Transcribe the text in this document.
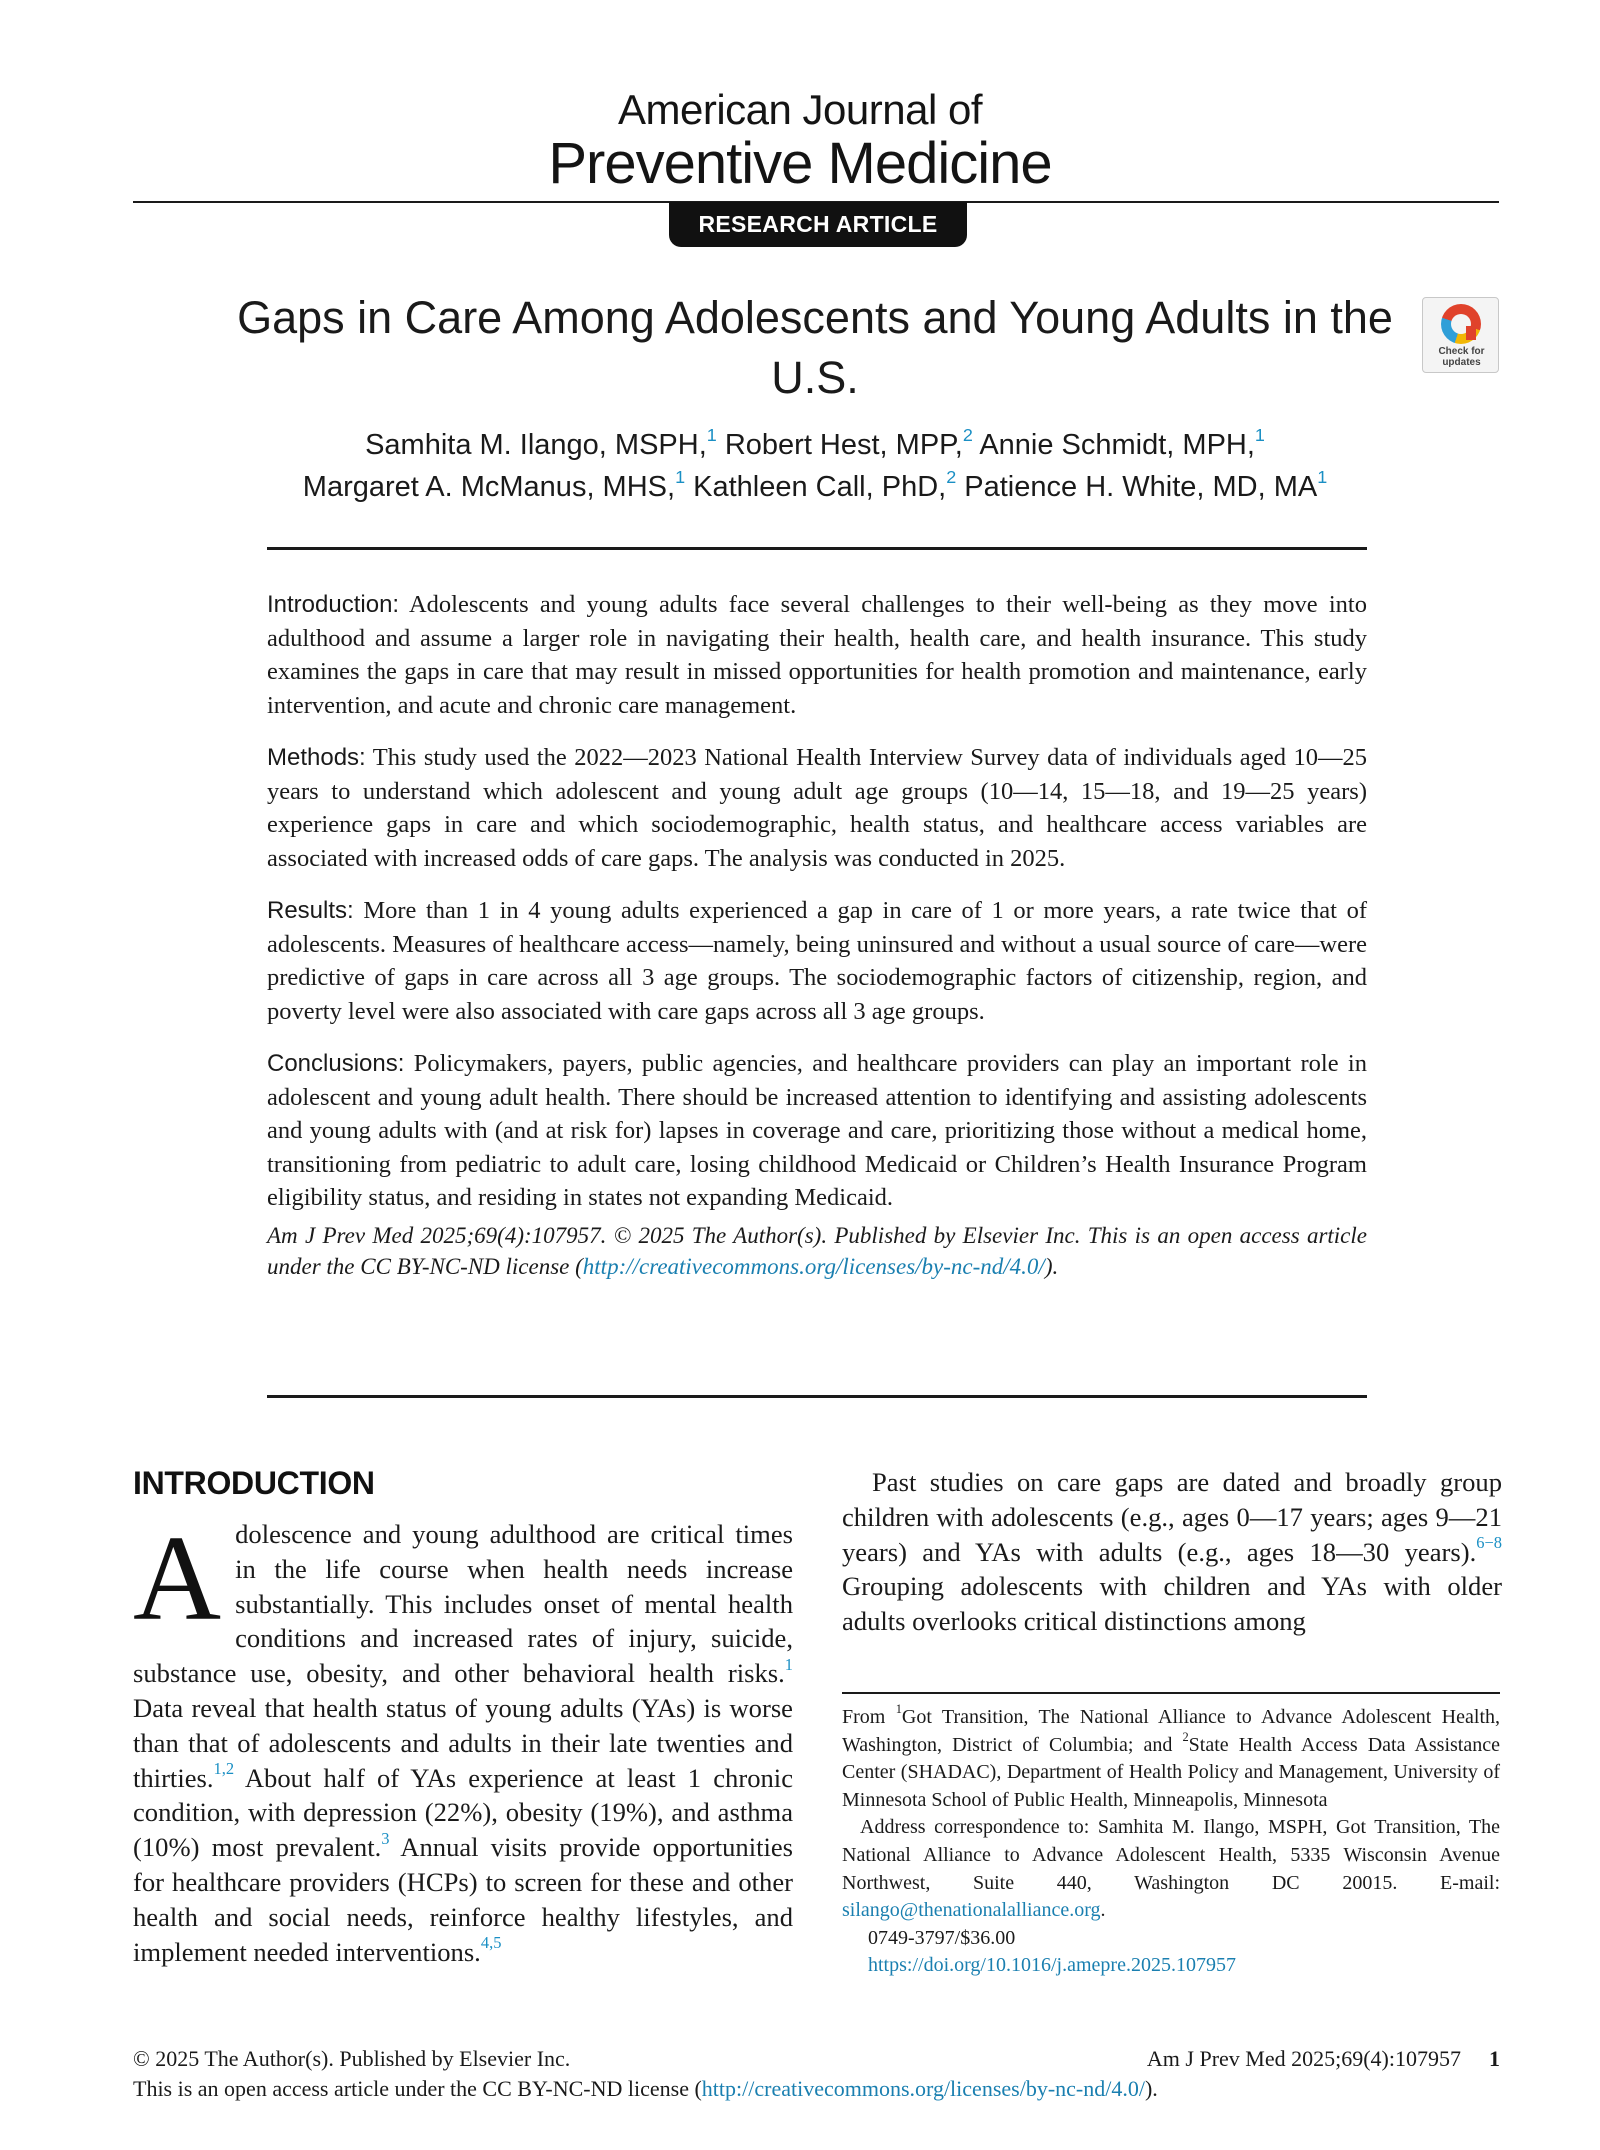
American Journal of
Preventive Medicine
RESEARCH ARTICLE
Gaps in Care Among Adolescents and Young Adults in the U.S.
Check for updates
Samhita M. Ilango, MSPH,$^1$ Robert Hest, MPP,$^2$ Annie Schmidt, MPH,$^1$
Margaret A. McManus, MHS,$^1$ Kathleen Call, PhD,$^2$ Patience H. White, MD, $MA^1$

Introduction: Adolescents and young adults face several challenges to their well-being as they move into adulthood and assume a larger role in navigating their health, health care, and health insurance. This study examines the gaps in care that may result in missed opportunities for health promotion and maintenance, early intervention, and acute and chronic care management.

Methods: This study used the 2022—2023 National Health Interview Survey data of individuals aged 10—25 years to understand which adolescent and young adult age groups (10—14, 15—18, and 19—25 years) experience gaps in care and which sociodemographic, health status, and healthcare access variables are associated with increased odds of care gaps. The analysis was conducted in 2025.

Results: More than 1 in 4 young adults experienced a gap in care of 1 or more years, a rate twice that of adolescents. Measures of healthcare access—namely, being uninsured and without a usual source of care—were predictive of gaps in care across all 3 age groups. The sociodemographic factors of citizenship, region, and poverty level were also associated with care gaps across all 3 age groups.

Conclusions: Policymakers, payers, public agencies, and healthcare providers can play an important role in adolescent and young adult health. There should be increased attention to identifying and assisting adolescents and young adults with (and at risk for) lapses in coverage and care, prioritizing those without a medical home, transitioning from pediatric to adult care, losing childhood Medicaid or Children’s Health Insurance Program eligibility status, and residing in states not expanding Medicaid.

Am J Prev Med 2025;69(4):107957. © 2025 The Author(s). Published by Elsevier Inc. This is an open access article under the CC BY-NC-ND license (http://creativecommons.org/licenses/by-nc-nd/4.0/).

INTRODUCTION
Adolescence and young adulthood are critical times in the life course when health needs increase substantially. This includes onset of mental health conditions and increased rates of injury, suicide, substance use, obesity, and other behavioral health risks.$^1$ Data reveal that health status of young adults (YAs) is worse than that of adolescents and adults in their late twenties and thirties.$^{1,2}$ About half of YAs experience at least 1 chronic condition, with depression (22%), obesity (19%), and asthma (10%) most prevalent.$^3$ Annual visits provide opportunities for healthcare providers (HCPs) to screen for these and other health and social needs, reinforce healthy lifestyles, and implement needed interventions.$^{4,5}$

Past studies on care gaps are dated and broadly group children with adolescents (e.g., ages 0—17 years; ages 9—21 years) and YAs with adults (e.g., ages 18—30 years).$^{6-8}$ Grouping adolescents with children and YAs with older adults overlooks critical distinctions among

From $^1$Got Transition, The National Alliance to Advance Adolescent Health, Washington, District of Columbia; and $^2$State Health Access Data Assistance Center (SHADAC), Department of Health Policy and Management, University of Minnesota School of Public Health, Minneapolis, Minnesota

Address correspondence to: Samhita M. Ilango, MSPH, Got Transition, The National Alliance to Advance Adolescent Health, 5335 Wisconsin Avenue Northwest, Suite 440, Washington DC 20015. E-mail: silango@thenationalalliance.org.

0749-3797/$36.00

https://doi.org/10.1016/j.amepre.2025.107957

© 2025 The Author(s). Published by Elsevier Inc.	Am J Prev Med 2025;69(4):107957 1
This is an open access article under the CC BY-NC-ND license (http://creativecommons.org/licenses/by-nc-nd/4.0/).
